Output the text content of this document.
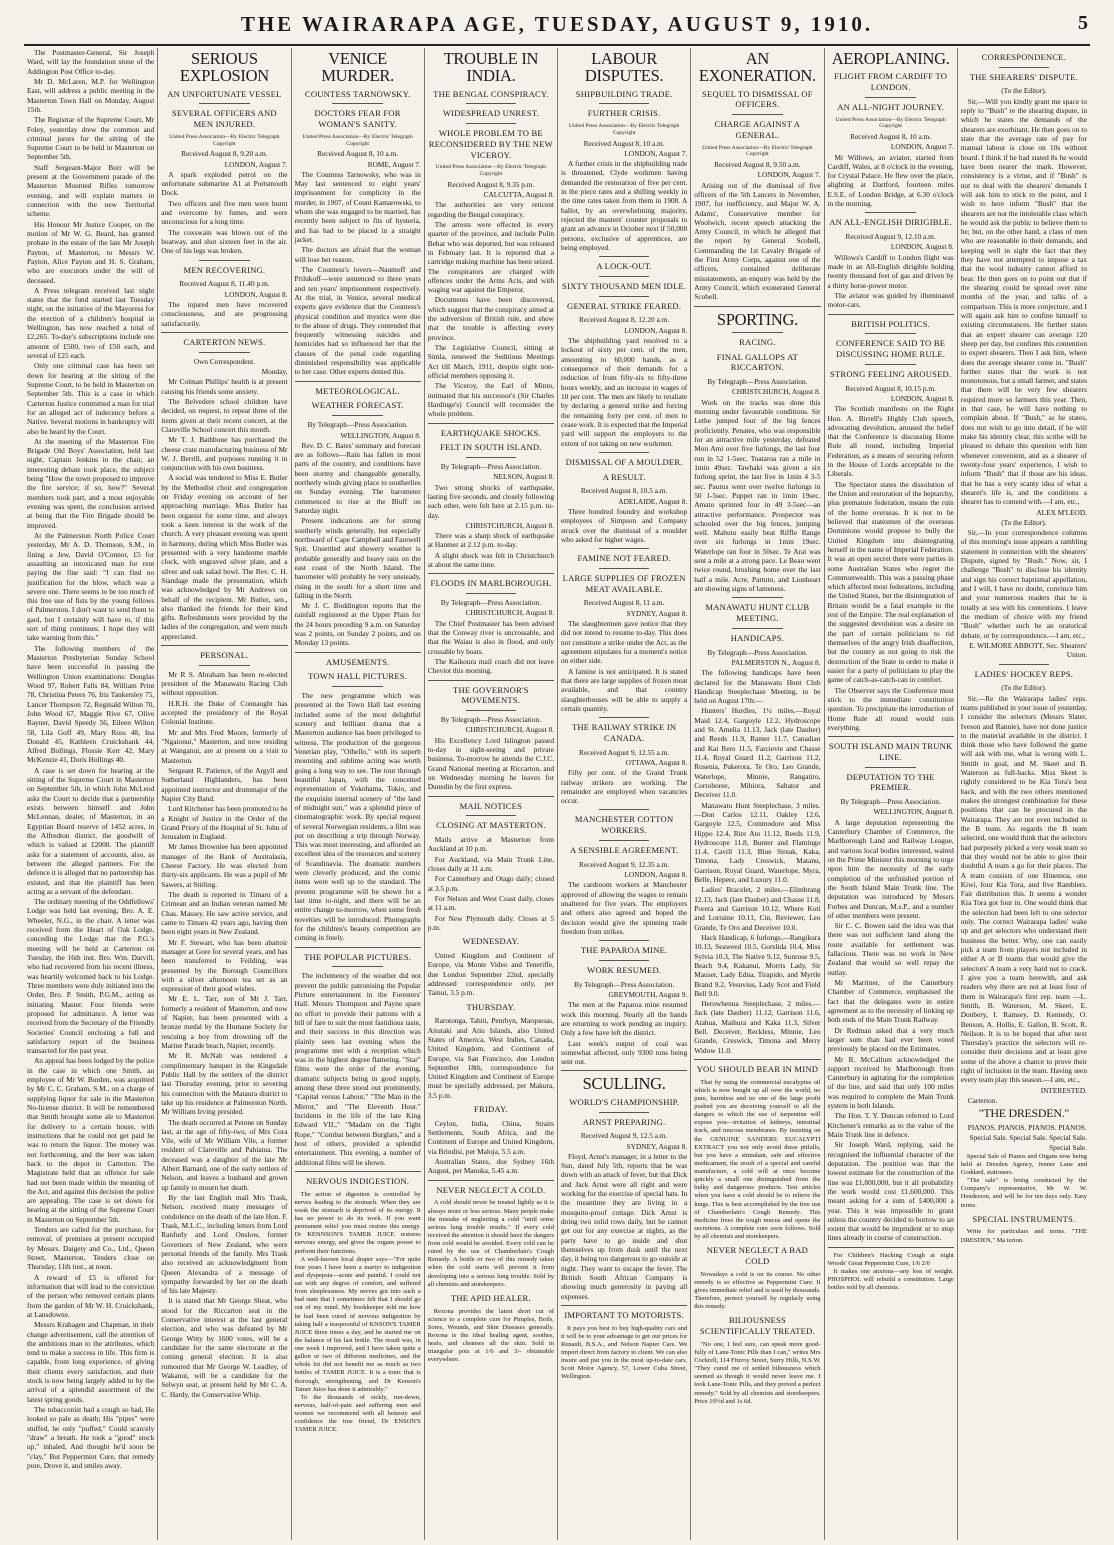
THE WAIRARAPA AGE, TUESDAY, AUGUST 9, 1910.	5
The Postmaster-General, Sir Joseph Ward, will lay the foundation stone of the Addington Post Office to-day.
Mr D. McLaren, M.P. for Wellington East, will address a public meeting in the Masterton Town Hall on Monday, August 15th.
The Registrar of the Supreme Court, Mr Foley, yesterday drew the common and criminal jurors for the sitting of the Supreme Court to be held in Masterton on September 5th.
Staff Sergeant-Major Burr will be present at the Government parade of the Masterton Mounted Rifles tomorrow evening, and will explain matters in connection with the new Territorial scheme.
His Honour Mr Justice Cooper, on the motion of Mr W. G. Beard, has granted probate in the estate of the late Mr Joseph Payton, of Masterton, to Messrs W. Payton, Alice Payton and H. S. Graham, who are executors under the will of deceased.
A Press telegram received last night states that the fund started last Tuesday night, on the initiative of the Mayoress for the erection of a children's hospital in Wellington, has now reached a total of £2,265. To-day's subscriptions include one amount of £500, two of £50 each, and several of £25 each.
Only one criminal case has been set down for hearing at the sitting of the Supreme Court, to be held in Masterton on September 5th. This is a case in which Carterton Justice committed a man for trial for an alleged act of indecency before a Native. Several motions in bankruptcy will also be heard by the Court.
At the meeting of the Masterton Fire Brigade Old Boys' Association, held last night, Captain Jenkins in the chair, an interesting debate took place, the subject being "How the town proposed to improve the fire service; if so, how?" Several members took part, and a most enjoyable evening was spent, the conclusion arrived at being that the Fire Brigade should be improved.
At the Palmerston North Police Court yesterday, Mr A. D. Thomson, S.M., in fining a Jew, David O'Connor, £5 for assaulting an intoxicated man for rent paying the fine said: "I can find no justification for the blow, which was a severe one. There seems to be too much of this free use of fists by the young fellows of Palmerston. I don't want to send them to gaol, but I certainly will have to, if this sort of thing continues. I hope they will take warning from this."
The following members of the Masterton Presbyterian Sunday School have been successful in passing the Wellington Union examinations: Douglas Wood 97, Robert Falls 84, William Print 78, Christina Peters 76, Iris Tankersley 75, Lancer Thompson 72, Reginald Wilton 70, John Wood 67, Maggie Rive 67, Olive Rayner, David Speedy 56, Eileen Wilton 58, Lila Goff 49, Mary Ross 48, Ina Donald 45, Kathleen Cruickshank 44, Alfred Bollings, Flossie Kerr 42, Mary McKenzie 41, Doris Hollings 40.
A case is set down for hearing at the sitting of the Supreme Court in Masterton on September 5th, in which John McLeod asks the Court to decide that a partnership exists between himself and John McLennan, dealer, of Masterton, in an Egyptian Board reserve of 1452 acres, in the Alfredton district, the goodwill of which is valued at £2000. The plaintiff asks for a statement of accounts, also, as between the alleged partners. For the defence it is alleged that no partnership has existed, and that the plaintiff has been acting as a servant of the defendant.
The ordinary meeting of the Oddfellows' Lodge was held last evening, Bro. A. E. Wheeler, N.G., in the chair. A letter was received from the Heart of Oak Lodge, conceding the Lodge that the P.G.'s meeting will be held at Carterton on Tuesday, the 16th inst. Bro. Wm. Darvill, who had recovered from his recent illness, was heartily welcomed back to his Lodge. Three members were duly initiated into the Order, Bro. P. Smith, P.G.M., acting as initiating Master. Four friends were proposed for admittance. A letter was received from the Secretary of the Friendly Societies' Council enclosing a full and satisfactory report of the business transacted for the past year.
An appeal has been lodged by the police in the case in which one Smith, an employee of Mr W. Burden, was acquitted by Mr C. C. Graham, S.M., on a charge of supplying liquor for sale in the Masterton No-license district. It will be remembered that Smith brought some ale to Masterton for delivery to a certain house, with instructions that he could not get paid he was to return the liquor. The money was not forthcoming, and the beer was taken back to the depot in Carterton. The Magistrate held that an offence for sale had not been made within the meaning of the Act, and against this decision the police are appealing. The case is set down for hearing at the sitting of the Supreme Court in Masterton on September 5th.
Tenders are called for the purchase, for removal, of premises at present occupied by Messrs. Daigety and Co., Ltd., Queen Street, Masterton. Tenders close on Thursday, 11th inst., at noon.
A reward of £5 is offered for information that will lead to the conviction of the person who removed certain plants from the garden of Mr W. H. Cruickshank, at Lansdowne.
Messrs Krahagen and Chapman, in their change advertisement, call the attention of the ambitious man to the attributes, which tend to make a success in life. This firm is capable, from long experience, of giving their clients every satisfaction, and their stock is now being largely added to by the arrival of a splendid assortment of the latest spring goods.
The tobacconist had a cough so bad, He looked so pale as death; His "pipes" were stuffed, he only "puffed," Could scarcely "draw" a breath. He took a "good" stock up," inhaled, And thought he'd soon be "clay," But Peppermint Cure, that remedy pure, Drove it, and smiles away.
SERIOUS EXPLOSION
AN UNFORTUNATE VESSEL
SEVERAL OFFICERS AND MEN INJURED.
United Press Association—By Electric Telegraph Copyright
Received August 8, 9.20 a.m.
LONDON, August 7.
A spark exploded petrol on the unfortunate submarine A1 at Portsmouth Dock.
Two officers and five men were burnt and overcome by fumes, and were unconscious for a long time.
The coxswain was blown out of the boatway, and shot sixteen feet in the air. One of his legs was broken.
MEN RECOVERING.
Received August 8, 11.40 p.m.
LONDON, August 8.
The injured men have recovered consciousness, and are progressing satisfactorily.
CARTERTON NEWS.
Own Correspondent.
Monday.
Mr Colman Phillips' health is at present causing his friends some anxiety.
The Belvedere school children have decided, on request, to repeat three of the items given at their recent concert, at the Clareville School concert this month.
Mr T. J. Bathbone has purchased the cheese crate manufacturing business of Mr W. J. Berrill, and purposes running it in conjunction with his own business.
A social was tendered to Miss E. Butler by the Methodist choir and congregation on Friday evening on account of her approaching marriage. Miss Butler has been organist for some time, and always took a keen interest in the work of the church. A very pleasant evening was spent in harmony, during which Miss Butler was presented with a very handsome marble clock, with engraved silver plate, and a silver and oak salad bowl. The Rev. C. H. Standage made the presentation, which was acknowledged by Mr Andrews on behalf of the recipient. Mr Butler, sen., also thanked the friends for their kind gifts. Refreshments were provided by the ladies of the congregation, and were much appreciated.
PERSONAL.
Mr R S. Abraham has been re-elected president of the Manawatu Racing Club without opposition.
H.R.H. the Duke of Connaught has accepted the presidency of the Royal Colonial Institute.
Mr and Mrs Fred Moore, formerly of "Ngaionui," Masterton, and now residing at Wanganui, are at present on a visit to Masterton.
Sergeant R. Patience, of the Argyll and Sutherland Highlanders, has been appointed instructor and drummajor of the Napier City Band.
Lord Kitchener has been promoted to be a Knight of Justice in the Order of the Grand Priory of the Hospital of St. John of Jerusalem in England.
Mr James Brownlee has been appointed manager of the Bank of Australasia, Cheese Factory. He was elected from thirty-six applicants. He was a pupil of Mr Sawers, at Stirling.
The death is reported in Timaru of a Crimean and an Indian veteran named Mr Chas. Massey. He saw active service, and came to Timaru 42 years ago, having then been eight years in New Zealand.
Mr F. Stewart, who has been abattoir manager at Gore for several years, and has been transferred to Feilding, was presented by the Borough Councillors with a silver afternoon tea set as an expression of their good wishes.
Mr E. L. Tarr, son of Mr J. Tarr, formerly a resident of Masterton, and now of Napier, has been presented with a bronze medal by the Humane Society for rescuing a boy from drowning off the Marine Parade beach, Napier, recently.
Mr R. McNab was tendered a complimentary banquet in the Kingsdale Public Hall by the settlers of the district last Thursday evening, prior to severing his connection with the Mataura district to take up his residence at Palmerston North. Mr William Irving presided.
The death occurred at Petone on Sunday last, at the age of fifty-two, of Mrs Cora Vile, wife of Mr William Vile, a former resident of Clareville and Pahiatua. The deceased was a daughter of the late Mr Albert Barnard, one of the early settlers of Nelson, and leaves a husband and grown up family to mourn her death.
By the last English mail Mrs Trask, Nelson, received many messages of condolence on the death of the late Hon. F. Trask, M.L.C., including letters from Lord Ranfurly and Lord Onslow, former Governors of New Zealand, who were personal friends of the family. Mrs Trask also received an acknowledgment from Queen Alexandra of a message of sympathy forwarded by her on the death of his late Majesty.
It is stated that Mr George Sheat, who stood for the Riccarton seat in the Conservative interest at the last general election, and who was defeated by Mr George Witty by 1600 votes, will be a candidate for the same electorate at the coming general election. It is also rumoured that Mr George W. Leadley, of Wakanui, will be a candidate for the Selwyn seat, at present held by Mr C. A. C. Hardy, the Conservative Whip.
VENICE MURDER.
COUNTESS TARNOWSKY.
DOCTORS FEAR FOR WOMAN'S SANITY.
United Press Association—By Electric Telegraph Copyright
Received August 8, 10 a.m.
ROME, August 7.
The Countess Tarnowsky, who was in May last sentenced to eight years' imprisonment for complicity in the murder, in 1907, of Count Kamarowski, to whom she was engaged to be married, has recently been subject to fits of hysteria, and has had to be placed in a straight jacket.
The doctors are afraid that the woman will lose her reason.
The Countess's lovers—Naumoff and Prilukoff—were sentenced to three years and ten years' imprisonment respectively. At the trial, in Venice, several medical experts gave evidence that the Countess's physical condition and mystics were due to the abuse of drugs. They contended that frequently witnessing suicides and homicides had so influenced her that the clauses of the penal code regarding diminished responsibility was applicable to her case. Other experts denied this.
METEOROLOGICAL.
WEATHER FORECAST.
By Telegraph—Press Association.
WELLINGTON, August 8.
Rev. D. C. Bates' summary and forecast are as follows—Rain has fallen in most parts of the country, and conditions have been stormy and changeable generally, northerly winds giving place to southerlies on Sunday evening. The barometer commenced to rise at the Bluff on Saturday night.
Present indications are for strong southerly winds generally, but especially northward of Cape Campbell and Farewell Spit. Unsettled and showery weather is probable generally and heavy rain on the east coast of the North Island. The barometer will probably be very unsteady, rising in the south for a short time and falling in the North.
Mr J. C. Boddington reports that the rainfall registered at the Upper Plain for the 24 hours preceding 9 a.m. on Saturday was 2 points, on Sunday 2 points, and on Monday 13 points.
AMUSEMENTS.
TOWN HALL PICTURES.
The new programme which was presented at the Town Hall last evening included some of the most delightful scenery and brilliant drama that a Masterton audience has been privileged to witness. The production of the gorgeous Venetian play, "Othello," with its superb mounting and sublime acting was worth going a long way to see. The tour through beautiful Japan, with the conceited representation of Yokohama, Tokio, and the exquisite internal scenery of "the land of midnight sun," was a splendid piece of cinematographic work. By special request of several Norwegian residents, a film was put on describing a trip through Norway. This was most interesting, and afforded an excellent idea of the resources and scenery of Scandinavia. The dramatic numbers were cleverly produced, and the comic items were well up to the standard. The present programme will be shown for a last time to-night, and there will be an entire change to-morrow, when some fresh novelties will be introduced. Photographs for the children's beauty competition are coming in freely.
THE POPULAR PICTURES.
The inclemency of the weather did not prevent the public patronising the Popular Picture entertainment in the Foresters' Hall. Messrs Thompson and Payne spare no effort to provide their patrons with a bill of fare to suit the most fastidious taste, and their success in this direction was plainly seen last evening when the programme met with a reception which was in the highest degree flattering. "Star" films were the order of the evening, dramatic subjects being in good supply, among these three stood out prominently, "Capital versus Labour," "The Man in the Mirror," and "The Eleventh Hour." Incidents in the life of the late King Edward VII.," "Madam on the Tight Rope," "Combat between Burglars," and a host of others, provided a splendid entertainment. This evening, a number of additional films will be shown.
NERVOUS INDIGESTION.
The action of digestion is controlled by nerves leading to the stomach. When they are weak the stomach is deprived of its energy. It has no power to do its work. If you want permanent relief you must restore this energy. Dr KENNSON'S TAMER JUICE restores nervous energy, and gives the organs power to perform their functions.
A well-known local draper says—"For quite four years I have been a martyr to indigestion and dyspepsia—acute and painful. I could not eat with any degree of comfort, and suffered from sleeplessness. My nerves got into such a bad state that I sometimes felt that I should go out of my mind. My bookkeeper told me how he had been cured of nervous indigestion by taking half a teaspoonful of KNSON'S TAMER JUICE three times a day, and he started me on the balance of his last bottle. The result was, in one week I improved, and I have taken quite a gallon or two of different medicines, and the whole lot did not benefit me as much as two bottles of TAMER JUICE. It is a tonic that is thorough, strengthening, and Dr Kenson's Tamer Juice has done it admirably."
To the thousands of sickly, run-down, nervous, half-of-pain and suffering men and women we recommend with all honesty and confidence the true friend, Dr ENSON'S TAMER JUICE.
TROUBLE IN INDIA.
THE BENGAL CONSPIRACY.
WIDESPREAD UNREST.
WHOLE PROBLEM TO BE RECONSIDERED BY THE NEW VICEROY.
United Press Association—By Electric Telegraph Copyright
Received August 8, 9.35 p.m.
CALCUTTA, August 8.
The authorities are very reticent regarding the Bengal conspiracy.
The arrests were effected in every quarter of the province, and include Pulin Behar who was deported, but was released in February last. It is reported that a cartridge making machine has been seized. The conspirators are charged with offences under the Arms Acts, and with waging war against the Emperor.
Documents have been discovered, which suggest that the conspiracy aimed at the subversion of British rule, and show that the trouble is affecting every province.
The Legislative Council, sitting at Simla, renewed the Seditious Meetings Act till March, 1911, despite eight non-official members opposing it.
The Viceroy, the Earl of Minto, intimated that his successor's (Sir Charles Hardinge's) Council will reconsider the whole problem.
EARTHQUAKE SHOCKS.
FELT IN SOUTH ISLAND.
By Telegraph—Press Association.
NELSON, August 8.
Two strong shocks of earthquake, lasting five seconds, and closely following each other, were felt here at 2.15 p.m. to-day.
CHRISTCHURCH, August 8.
There was a sharp shock of earthquake at Hanmer at 2.12 p.m. to-day.
A slight shock was felt in Christchurch at about the same time.
FLOODS IN MARLBOROUGH.
By Telegraph—Press Association.
CHRISTCHURCH, August 8.
The Chief Postmaster has been advised that the Conway river is uncrossable, and that the Waiau is also in flood, and only crossable by boats.
The Kaikoura mail coach did not leave Cheviot this morning.
THE GOVERNOR'S MOVEMENTS.
By Telegraph—Press Association.
CHRISTCHURCH, August 8.
His Excellency Lord Islington passed to-day in sight-seeing and private business. To-morrow he attends the C.J.C. Grand National meeting at Riccarton, and on Wednesday morning he leaves for Dunedin by the first express.
MAIL NOTICES
CLOSING AT MASTERTON.
Mails arrive at Masterton from Auckland at 10 p.m.
For Auckland, via Main Trunk Line, closes daily at 11 a.m.
For Canterbury and Otago daily; closed at 3.5 p.m.
For Nelson and West Coast daily, closes at 11 a.m.
For New Plymouth daily. Closes at 5 p.m.
WEDNESDAY.
United Kingdom and Continent of Europe, via Monte Video and Teneriffe, due London September 22nd, specially addressed correspondence only, per Tainui, 3.5 p.m.
THURSDAY.
Rarotonga, Tahiti, Penrhyn, Marquesas, Aitutaki and Atiu Islands, also United States of America, West Indies, Canada, United Kingdom, and Continent of Europe, via San Francisco, due London September 18th, correspondence for United Kingdom and Continent of Europe must be specially addressed, per Makura, 3.5 p.m.
FRIDAY.
Ceylon, India, China, Straits Settlements, South Africa, and the Continent of Europe and United Kingdom, via Brindisi, per Maloja, 5.5 a.m.
Australian States, due Sydney 16th August, per Manuka, 5.45 a.m.
NEVER NEGLECT A COLD.
A cold should never be treated lightly as it is always more or less serious. Many people make the mistake of neglecting a cold "until some serious lung trouble results." If every cold received the attention it should have the dangers from cold would be avoided. Every cold can be cured by the use of Chamberlain's Cough Remedy. A bottle or two of this remedy taken when the cold starts will prevent it from developing into a serious lung trouble. Sold by all chemists and storekeepers.
THE APID HEALER.
Rexona provides the latest short cut of science to a complete cure for Pimples, Boils, Sores, Wounds, and Skin Diseases generally. Rexona is the ideal healing agent, soothes, heals, and cleanses all the skin. Sold in triangular pots at 1/6 and 3/- obtainable everywhere.
LABOUR DISPUTES.
SHIPBUILDING TRADE.
FURTHER CRISIS.
United Press Association—By Electric Telegraph Copyright
Received August 8, 10 a.m.
LONDON, August 7.
A further crisis in the shipbuilding trade is threatened, Clyde workmen having demanded the restoration of five per cent. in the piece rates and a shilling weekly in the time rates taken from them in 1908. A ballot, by an overwhelming majority, rejected the masters' counter proposals to grant an advance in October next if 50,000 persons, exclusive of apprentices, are being employed.
A LOCK-OUT.
SIXTY THOUSAND MEN IDLE.
GENERAL STRIKE FEARED.
Received August 8, 12.20 a.m.
LONDON, August 8.
The shipbuilding yard resolved to a lockout of sixty per cent. of the men, amounting to 60,000 hands, as a consequence of their demands for a reduction of from fifty-six to fifty-three hours weekly, and an increase in wages of 10 per cent. The men are likely to retaliate by declaring a general strike and forcing the remaining forty per cent. of men to cease work. It is expected that the Imperial yard will support the employers to the extent of not taking on new workmen.
DISMISSAL OF A MOULDER.
A RESULT.
Received August 8, 10.5 a.m.
ADELAIDE, August 8.
Three hundred foundry and workshop employees of Simpson and Company struck over the dismissal of a moulder who asked for higher wages.
FAMINE NOT FEARED.
LARGE SUPPLIES OF FROZEN MEAT AVAILABLE.
Received August 8, 11 a.m.
SYDNEY, August 8.
The slaughtermen gave notice that they did not intend to resume to-day. This does not constitute a strike under the Act, as the agreement stipulates for a moment's notice on either side.
A famine is not anticipated. It is stated that there are large supplies of frozen meat available, and that country slaughterhouses will be able to supply a certain quantity.
THE RAILWAY STRIKE IN CANADA.
Received August 9, 12.55 a.m.
OTTAWA, August 8.
Fifty per cent. of the Grand Trunk railway strikers are working. The remainder are employed when vacancies occur.
MANCHESTER COTTON WORKERS.
A SENSIBLE AGREEMENT.
Received August 9, 12.35 a.m.
LONDON, August 8.
The cardroom workers at Manchester approved of allowing the wages to remain unaltered for five years. The employers and others also agreed and hoped the decision would give the spinning trade freedom from strikes.
THE PAPAROA MINE.
WORK RESUMED.
By Telegraph—Press Association.
GREYMOUTH, August 9.
The men at the Paparoa mine resumed work this morning. Nearly all the hands are returning to work pending an inquiry. Only a few have left the district.
Last week's output of coal was somewhat affected, only 9300 tons being sent out.
SCULLING.
WORLD'S CHAMPIONSHIP.
ARNST PREPARING.
Received August 9, 12.5 a.m.
SYDNEY, August 8.
Floyd, Arnst's manager, in a letter to the Sun, dated July 5th, reports that he was down with an attack of fever, but that Dick and Jack Arnst were all right and were working for the exercise of special hats. In the meantime they are living in a mosquito-proof cottage. Dick Arnst is doing two solid rows daily, but he cannot get out for any exercise at nights, as the party have to go inside and shut themselves up from dusk until the next day, it being too dangerous to go outside at night. They want to escape the fever. The British South African Company is showing much generosity in paying all expenses.
IMPORTANT TO MOTORISTS.
It pays you best to buy high-quality cars and it will be to your advantage to get our prices for Renault, B.S.A., and Nelson Napier Cars. We import direct from factory to client. We can also insure and put you in the most up-to-date cars. Scott Motor Agency, 57, Lower Cuba Street, Wellington.
AN EXONERATION.
SEQUEL TO DISMISSAL OF OFFICERS.
CHARGE AGAINST A GENERAL.
United Press Association—By Electric Telegraph Copyright
Received August 8, 9.50 a.m.
LONDON, August 7.
Arising out of the dismissal of five officers of the 5th Lancers in November, 1907, for inefficiency, and Major W. A. Adams', Conservative member for Woolwich, recent speech attacking the Army Council, in which he alleged that the report by General Scobell, Commanding the 1st Cavalry Brigade of the First Army Corps, against one of the officers, contained deliberate misstatements, an enquiry was held by the Army Council, which exonerated General Scobell.
SPORTING.
RACING.
FINAL GALLOPS AT RICCARTON.
By Telegraph—Press Association.
CHRISTCHURCH, August 8.
Work on the tracks was done this morning under favourable conditions. Sir Lethe jumped four of the big fences proficiently. Penates, who was responsible for an attractive mile yesterday, defeated Mon Ami over five furlongs, the last four run in 52 1-5sec. Toataroa ran a mile in 1min 49sec. Tawhaki was given a six furlong sprint, the last five in 1min 4 3-5 sec. Paurus went over twelve furlongs in 50 1-5sec. Puppet ran in 1min 19sec. Amato sprinted four in 49 3-5sec—an attractive performance. Prospector was schooled over the big fences, jumping well. Mahutu easily beat Riffle Range over six furlongs in 1min 19sec. Waterlope ran four in 50sec. Te Arai was sent a mile at a strong pace. Le Beau went twice round, brushing home over the last half a mile. Acre, Partuto, and Lionheart are showing signs of lameness.
MANAWATU HUNT CLUB MEETING.
HANDICAPS.
By Telegraph—Press Association.
PALMERSTON N., August 8.
The following handicaps have been declared for the Manawatu Hunt Club Handicap Steeplechase Meeting, to be held on August 17th:—
Hunters' Hurdles, 1½ miles.—Royal Maid 12.4, Gargoyle 12.2, Hydroscope and St. Amelia 11.13, Jack (late Dauber) and Reeds 11.9, Ramer 11.7, Canadian and Kai Rere 11.5, Farcievie and Chasse 11.4, Royal Guard 11.2, Garrison 11.2, Rosenia, Pukerora, Te Oro, Leo Grande, Waterlope, Minnie, Rangatiro, Corroboree, Mihiora, Saltator and Deceiver 11.0.
Manawatu Hunt Steeplechase, 3 miles.—Don Carlos 12.11, Oakley 12.6, Gargoyle 12.5, Commodore and Miss Hippo 12.4, Rire Ato 11.12, Reeds 11.9, Hydroscope 11.8, Bunter and Flamingo 11.4, Cavill 11.3, Blue Streak, Kaka, Timona, Lady Creswick, Matanu, Garrison, Royal Guard, Waterlope, Myra, Belle, Hepere, and Luxury 11.0.
Ladies' Bracelet, 2 miles.—Elimbrang 12.13, Jack (late Dauber) and Chasse 11.8, Porera and Garrison 10.12, Where Koti and Lorraine 10.11, Cin, Reviewer, Leo Grande, Te Oro and Deceiver 10.0.
Hack Handicap, 6 furlongs.—Rangikura 10.13, Seaweed 10.5, Gorslida 10.4, Miss Sylvia 10.3, The Native 9.12, Sunrose 9.5, Beach 9.4, Kakanui, Morris Lady, Sir Mauser, Lady Edna, Tirapido, and Myrtle Brand 9.2, Vesuvius, Lady Scot and Field Bell 9.0.
Herowhenua Steeplechase, 2 miles.—Jack (late Dauber) 11.12, Garrison 11.6, Atahua, Maihura and Kaka 11.3, Silver Bell. Deceiver, Reckless, Minnie, Leo Grande, Creswick, Timona and Merry Widow 11.0.
YOU SHOULD BEAR IN MIND
That by using the commercial eucalyptus oil which is now bought up all over the world, no pure, harmless and no one of the large profit pushed you are deceiving yourself to all the dangers to which the use of turpentine will expose you—irritation of kidneys, intestinal track, and mucous membranes. By insisting on the GENUINE SANDERS EUCALYPTI EXTRACT you not only avoid these pitfalls, but you have a stimulant, safe and effective medicament, the result of a special and careful manufacture, a cold will at once become quickly a small one distinguished from the bulky and dangerous products. Test articles when you have a cold should be to relieve the lungs. This is best accomplished by the free use of Chamberlain's Cough Remedy. This medicine frees the tough mucus and opens the secretions. A complete cure soon follows. Sold by all chemists and storekeepers.
NEVER NEGLECT A BAD COLD
Nowadays a cold is on its course. No other remedy is so effective as Peppermint Cure. It gives immediate relief and is used by thousands. Therefore, protect yourself by regularly using this remedy.
BILIOUSNESS SCIENTIFICALLY TREATED.
"No one, I feel sure, can speak more good-fully of Lane-Tonic Pills than I can," writes Mrs Cockrell, 114 Fitzroy Street, Surry Hills, N.S.W. "They cured me of settled biliousness which seemed as though it would never leave me. I took Lane-Tonic Pills, and they proved a perfect remedy." Sold by all chemists and storekeepers. Price 10½d and 1s 6d.
AEROPLANING.
FLIGHT FROM CARDIFF TO LONDON.
AN ALL-NIGHT JOURNEY.
United Press Association—By Electric Telegraph Copyright
Received August 8, 10 a.m.
LONDON, August 7.
Mr Willows, an aviator, started from Cardiff, Wales, at 8 o'clock in the evening, for Crystal Palace. He flew over the place, alighting at Dartford, fourteen miles E.S.E. of London Bridge, at 6.30 o'clock in the morning.
AN ALL-ENGLISH DIRIGIBLE.
Received August 9, 12.10 a.m.
LONDON, August 8.
Willows's Cardiff to London flight was made in an All-English dirigible holding twenty thousand feet of gas and driven by a thirty horse-power motor.
The aviator was guided by illuminated motor-cars.
BRITISH POLITICS.
CONFERENCE SAID TO BE DISCUSSING HOME RULE.
STRONG FEELING AROUSED.
Received August 8, 10.15 p.m.
LONDON, August 8.
The Scottish manifesto on the Right Hon. A. Birrell's Highly Club speech, advocating devolution, aroused the belief that the Conference is discussing Home Rule all round, including Imperial Federation, as a means of securing reform in the House of Lords acceptable to the Liberals.
The Spectator states the dissolution of the Union and restoration of the heptarchy, plus premature federation, means the ruin of the home overseas. It is not to be believed that statesmen of the overseas Dominions would propose to bully the United Kingdom into disintegrating herself in the name of Imperial Federation. It was an open secret there were parties in some Australian States who regret the Commonwealth. This was a passing phase which affected most federations, including the United States, but the disintegration of Britain would be a fatal example to the rest of the Empire. The real explanation of the suggested devolution was a desire on the part of certain politicians to rid themselves of the angry Irish disaffection, but the country as not going to risk the destruction of the State in order to make it easier for a party of politicians to play the game of catch-as-catch-can in comfort.
The Observer says the Conference must stick to the immediate constitution question. To precipitate the introduction of Home Rule all round would ruin everything.
SOUTH ISLAND MAIN TRUNK LINE.
DEPUTATION TO THE PREMIER.
By Telegraph—Press Association.
WELLINGTON, August 8.
A large deputation representing the Canterbury Chamber of Commerce, the Marlborough Land and Railway League, and various local bodies interested, waited on the Prime Minister this morning to urge upon him the necessity of the early completion of the unfinished portion of the South Island Main Trunk line. The deputation was introduced by Messrs Forbes and Duncan, M.s.P., and a number of other members were present.
Sir C. C. Bowen said the idea was that there was not sufficient land along the route available for settlement was fallacious. There was no work in New Zealand that would so well repay the outlay.
Mr Marriner, of the Canterbury Chamber of Commerce, emphasised the fact that the delegates were in entire agreement as to the necessity of linking up both ends of the Main Trunk Railway.
Dr Redman asked that a very much larger sum than had ever been voted previously be placed on the Estimates.
Mr R. McCallum acknowledged the support received by Marlborough from Canterbury in agitating for the completion of the line, and said that only 100 miles was required to complete the Main Trunk system in both Islands.
The Hon. T. Y. Duncan referred to Lord Kitchener's remarks as to the value of the Main Trunk line in defence.
Sir Joseph Ward, replying, said he recognised the influential character of the deputation. The position was that the lowest estimate for the construction of the line was £1,800,000, but it all probability the work would cost £1,600,000. This meant asking for a sum of £400,000 a year. This it was impossible to grant unless the country decided to borrow to an extent that would be imprudent or to stop lines already in course of construction.
For Children's Hacking Cough at night Woods' Great Peppermint Cure, 1/6 2/6
It makes one anxious—any loss of weight. PHOSPHOL will rebuild a constitution. Large bottles sold by all chemists.
CORRESPONDENCE.
THE SHEARERS' DISPUTE.
(To the Editor).
Sir,—Will you kindly grant me space to reply to "Bush" re the shearing dispute, in which he states the demands of the shearers are exorbitant. He then goes on to state that the average rate of pay for manual labour is close on 10s without board. I think if he had stated 8s he would have been nearer the mark. However, consistency is a virtue, and if "Bush" is not to deal with the shearers' demands I will ask him to stick to the point, and I wish to here inform "Bush" that the shearers are not the intolerable class which he would ask the public to believe them to be; but, on the other hand, a class of men who are reasonable in their demands, and keeping well in sight the fact that they they have not attempted to impose a tax that the wool industry cannot afford to bear. He then goes on to point out that if the shearing could be spread over nine months of the year, and talks of a comparison. This is more conjecture, and I will again ask him to confine himself to existing circumstances. He further states that an expert shearer can average 120 sheep per day, but confines this contention to expert shearers. Then I ask him, where does the average shearer come in. "Bush" further states that the work is not monotonous, but a small farmer, and states that there will be very few shearers required more so farmers this year. Then, in that case, he will have nothing to complain about. If "Bush," as he states, does not wish to go into detail, if he will make his identity clear, this scribe will be pleased to debate this question with him whenever convenient, and as a shearer of twenty-four years' experience, I wish to inform "Bush" that if those are his ideas, that he has a very scanty idea of what a shearer's life is, and the conditions a shearer has to contend with.—I am, etc.,
ALEX M'LEOD.
(To the Editor).
Sir,—In your correspondence columns of this morning's issue appears a rambling statement in connection with the shearers' Dispute, signed by "Bush." Now, sir, I challenge "Bush" to disclose his identity and sign his correct baptismal appellation, and I will, I have no doubt, convince him and your numerous readers that he is totally at sea with his contentions. I leave the medium of choice with my friend "Bush" whether such be an oratorical debate, or by correspondence.—I am, etc.,
E. WILMORE ABBOTT, Sec. Shearers' Union.
LADIES' HOCKEY REPS.
(To the Editor).
Sir,—Re the Wairarapa ladies' reps. teams published in your issue of yesterday, I consider the selectors (Messrs Slater, Iveson and Rannie), have not done justice to the material available in the district. I think those who have followed the game will ask with me, what is wrong with L. Smith in goal, and M. Skeet and B. Waterson as full-backs. Miss Skeet is rightly considered to be Kia Tora's best back, and with the two others mentioned makes the strongest combination for these positions that can be procured in the Wairarapa. They are not even included in the B team. As regards the B team selected, one would think that the selectors had purposely picked a very weak team so that they would not be able to give their doubtful A team a go for their places. The A team consists of one Hinemoa, one Kiwi, four Kia Tora, and five Ramblers. Fair distribution this. It seems a wonder Kia Tora got four in. One would think that the selection had been left to one selector only. The correct Wairarapa ladies' wake up and get selectors who understand their business the better. Why, one can easily pick a team from players not included in either A or B teams that would give the selectors' A team a very hard nut to crack. I give you a team herewith, and ask readers why there are not at least four of them in Wairarapa's first rep. team —L. Smith, B. Waterson, M. Skeet, E. Donbery, I. Ramsey, D. Kennedy, O. Benson, A. Hollis, E. Gallon, B. Scott, R. Neilson. It is to be hoped that after next Thursday's practice the selectors will re-consider their decisions and at least give some of the above a chance to prove their right of inclusion in the team. Having seen every team play this season.—I am, etc.,
INTERESTED.
Carterton.
"THE DRESDEN."
PIANOS. PIANOS. PIANOS. PIANOS.
Special Sale. Special Sale. Special Sale. Special Sale.
Special Sale of Pianos and Organs now being held at Dresden Agency, Jenner Lane and Goddard, stationers.
"The sale" is being conducted by the Company's representative, Mr W. W. Henderson, and will be for ten days only. Easy terms.
SPECIAL INSTRUMENTS.
Write for particulars and terms. "THE DRESDEN," Ma terton.
